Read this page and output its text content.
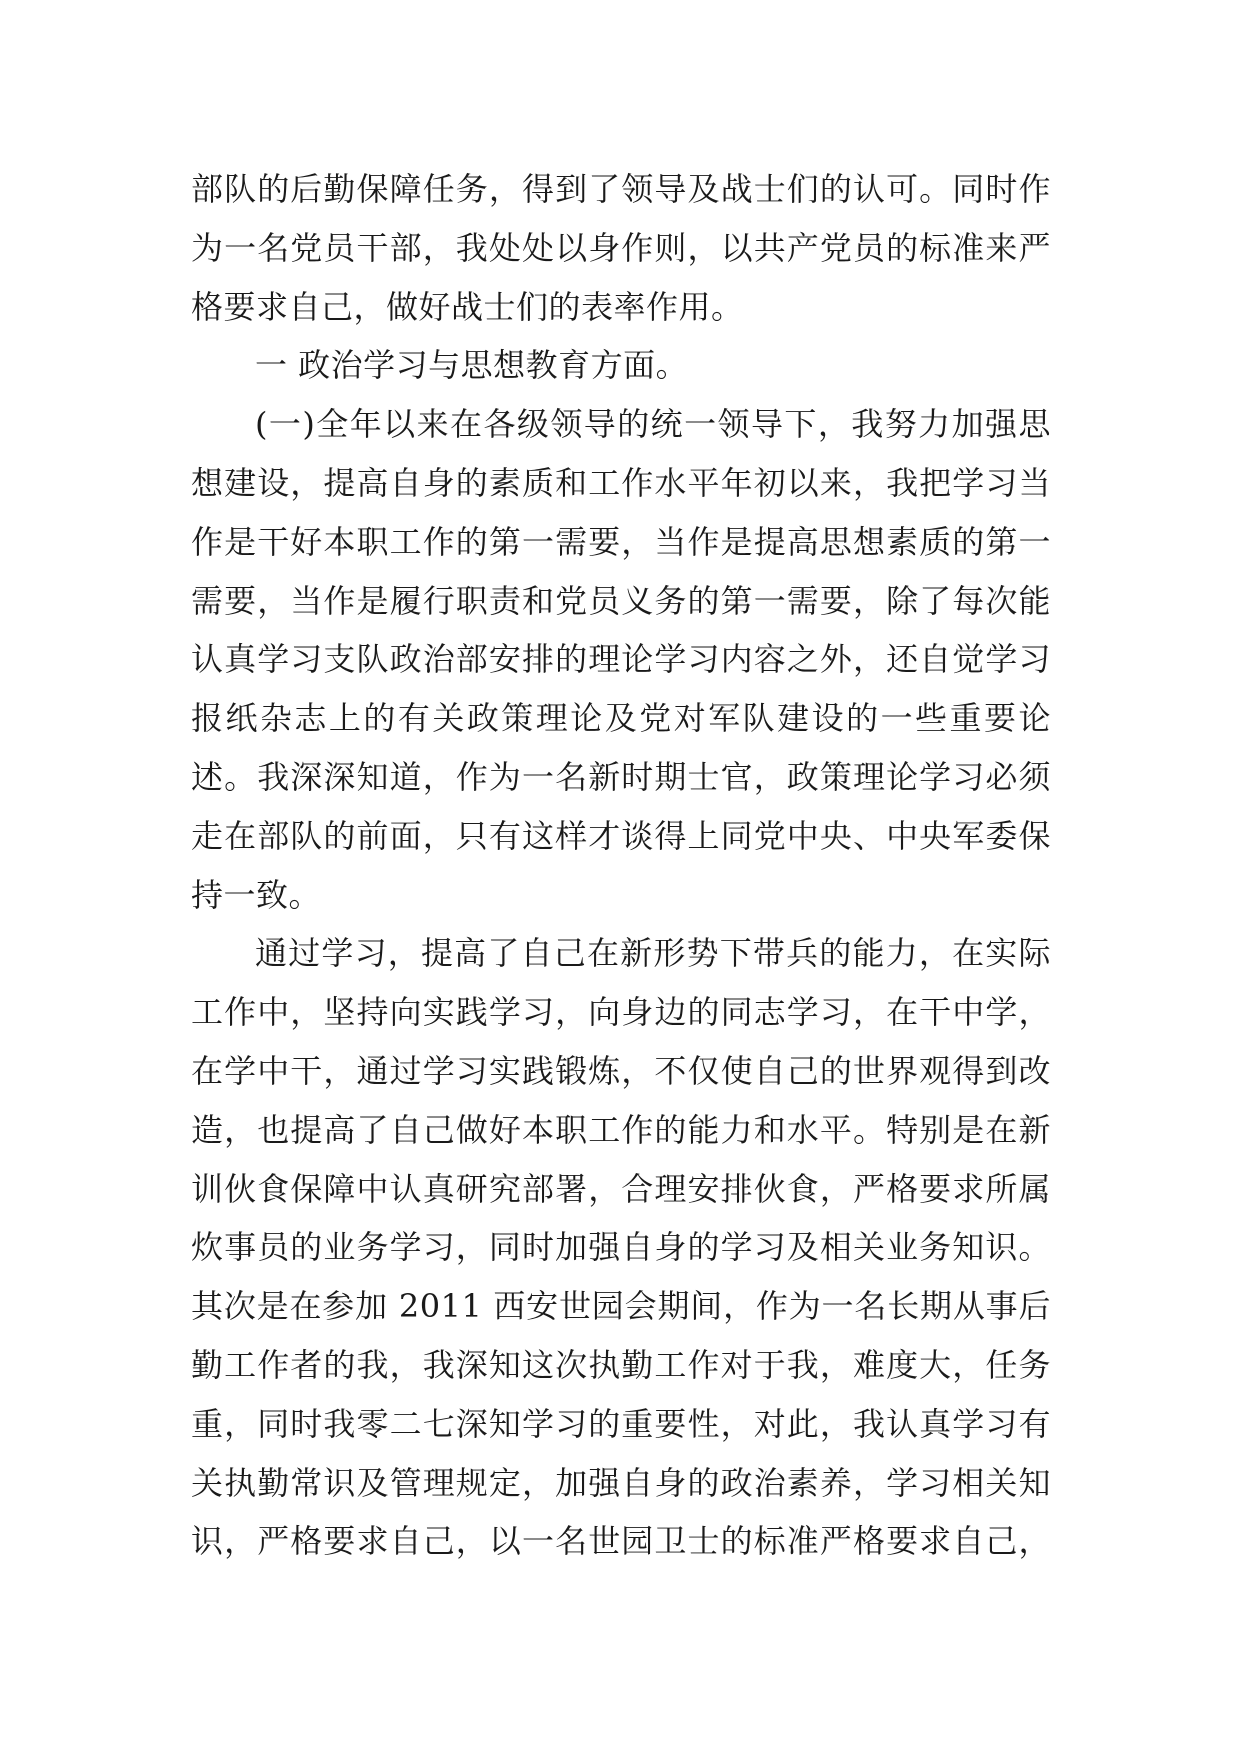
部队的后勤保障任务，得到了领导及战士们的认可。同时作
为一名党员干部，我处处以身作则，以共产党员的标准来严
格要求自己，做好战士们的表率作用。
一 政治学习与思想教育方面。
(一)全年以来在各级领导的统一领导下，我努力加强思
想建设，提高自身的素质和工作水平年初以来，我把学习当
作是干好本职工作的第一需要，当作是提高思想素质的第一
需要，当作是履行职责和党员义务的第一需要，除了每次能
认真学习支队政治部安排的理论学习内容之外，还自觉学习
报纸杂志上的有关政策理论及党对军队建设的一些重要论
述。我深深知道，作为一名新时期士官，政策理论学习必须
走在部队的前面，只有这样才谈得上同党中央、中央军委保
持一致。
通过学习，提高了自己在新形势下带兵的能力，在实际
工作中，坚持向实践学习，向身边的同志学习，在干中学，
在学中干，通过学习实践锻炼，不仅使自己的世界观得到改
造，也提高了自己做好本职工作的能力和水平。特别是在新
训伙食保障中认真研究部署，合理安排伙食，严格要求所属
炊事员的业务学习，同时加强自身的学习及相关业务知识。
其次是在参加 2011 西安世园会期间，作为一名长期从事后
勤工作者的我，我深知这次执勤工作对于我，难度大，任务
重，同时我零二七深知学习的重要性，对此，我认真学习有
关执勤常识及管理规定，加强自身的政治素养，学习相关知
识，严格要求自己，以一名世园卫士的标准严格要求自己，
